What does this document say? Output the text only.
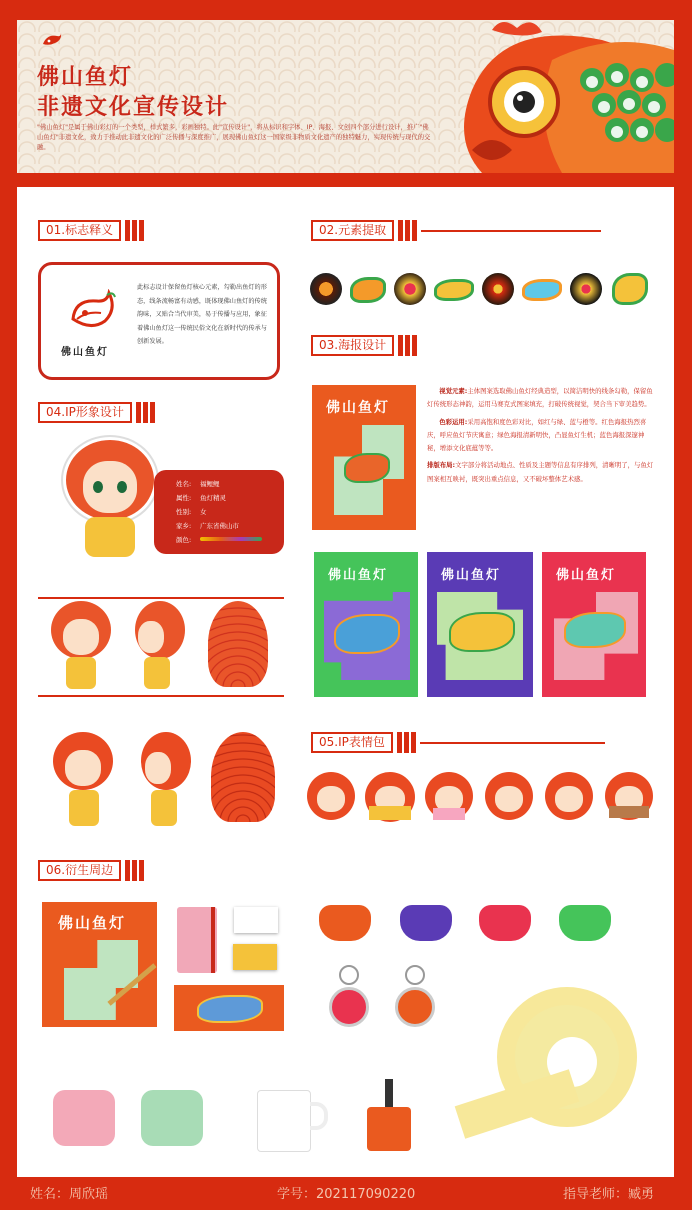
佛山鱼灯
非遗文化宣传设计
"佛山鱼灯"是属于佛山彩灯的一个类型，样式繁多，彩画独特。此"宣传设计"，将从标识和字体、IP、海报、文创四个部分进行设计，推广"佛山鱼灯"非遗文化，致力于推动此非遗文化的广泛传播与深度推广，展现佛山鱼灯这一国家级非物质文化遗产的独特魅力，实现传统与现代的交融。
01.标志释义
佛山鱼灯
此标志设计保留鱼灯核心元素，勾勒出鱼灯的形态，线条流畅富有动感，既体现佛山鱼灯的传统韵味，又贴合当代审美，易于传播与应用，象征着佛山鱼灯这一传统民俗文化在新时代的传承与创新发展。
02.元素提取
03.海报设计
佛山鱼灯

视觉元素:主体图案选取佛山鱼灯经典造型，以简洁明快的线条勾勒，保留鱼灯传统形态神韵，运用马赛克式图案填充，打破传统视觉，契合当下审美趋势。

色彩运用:采用高饱和度色彩对比，如红与绿、蓝与橙等。红色海报热烈喜庆，呼应鱼灯节庆寓意；绿色海报清新明快，凸显鱼灯生机；蓝色海报深邃神秘，增添文化底蕴等等。

排版布局:文字部分将活动地点、性质及主题等信息有序排列，清晰明了，与鱼灯图案相互映衬，既突出重点信息，又不破坏整体艺术感。

佛山鱼灯	佛山鱼灯	佛山鱼灯
04.IP形象设计
姓名:	福鲤鲤
属性:	鱼灯精灵
性别:	女
家乡:	广东省佛山市
颜色:
05.IP表情包
06.衍生周边
佛山鱼灯
姓名：周欣瑶	学号：202117090220	指导老师：臧勇
